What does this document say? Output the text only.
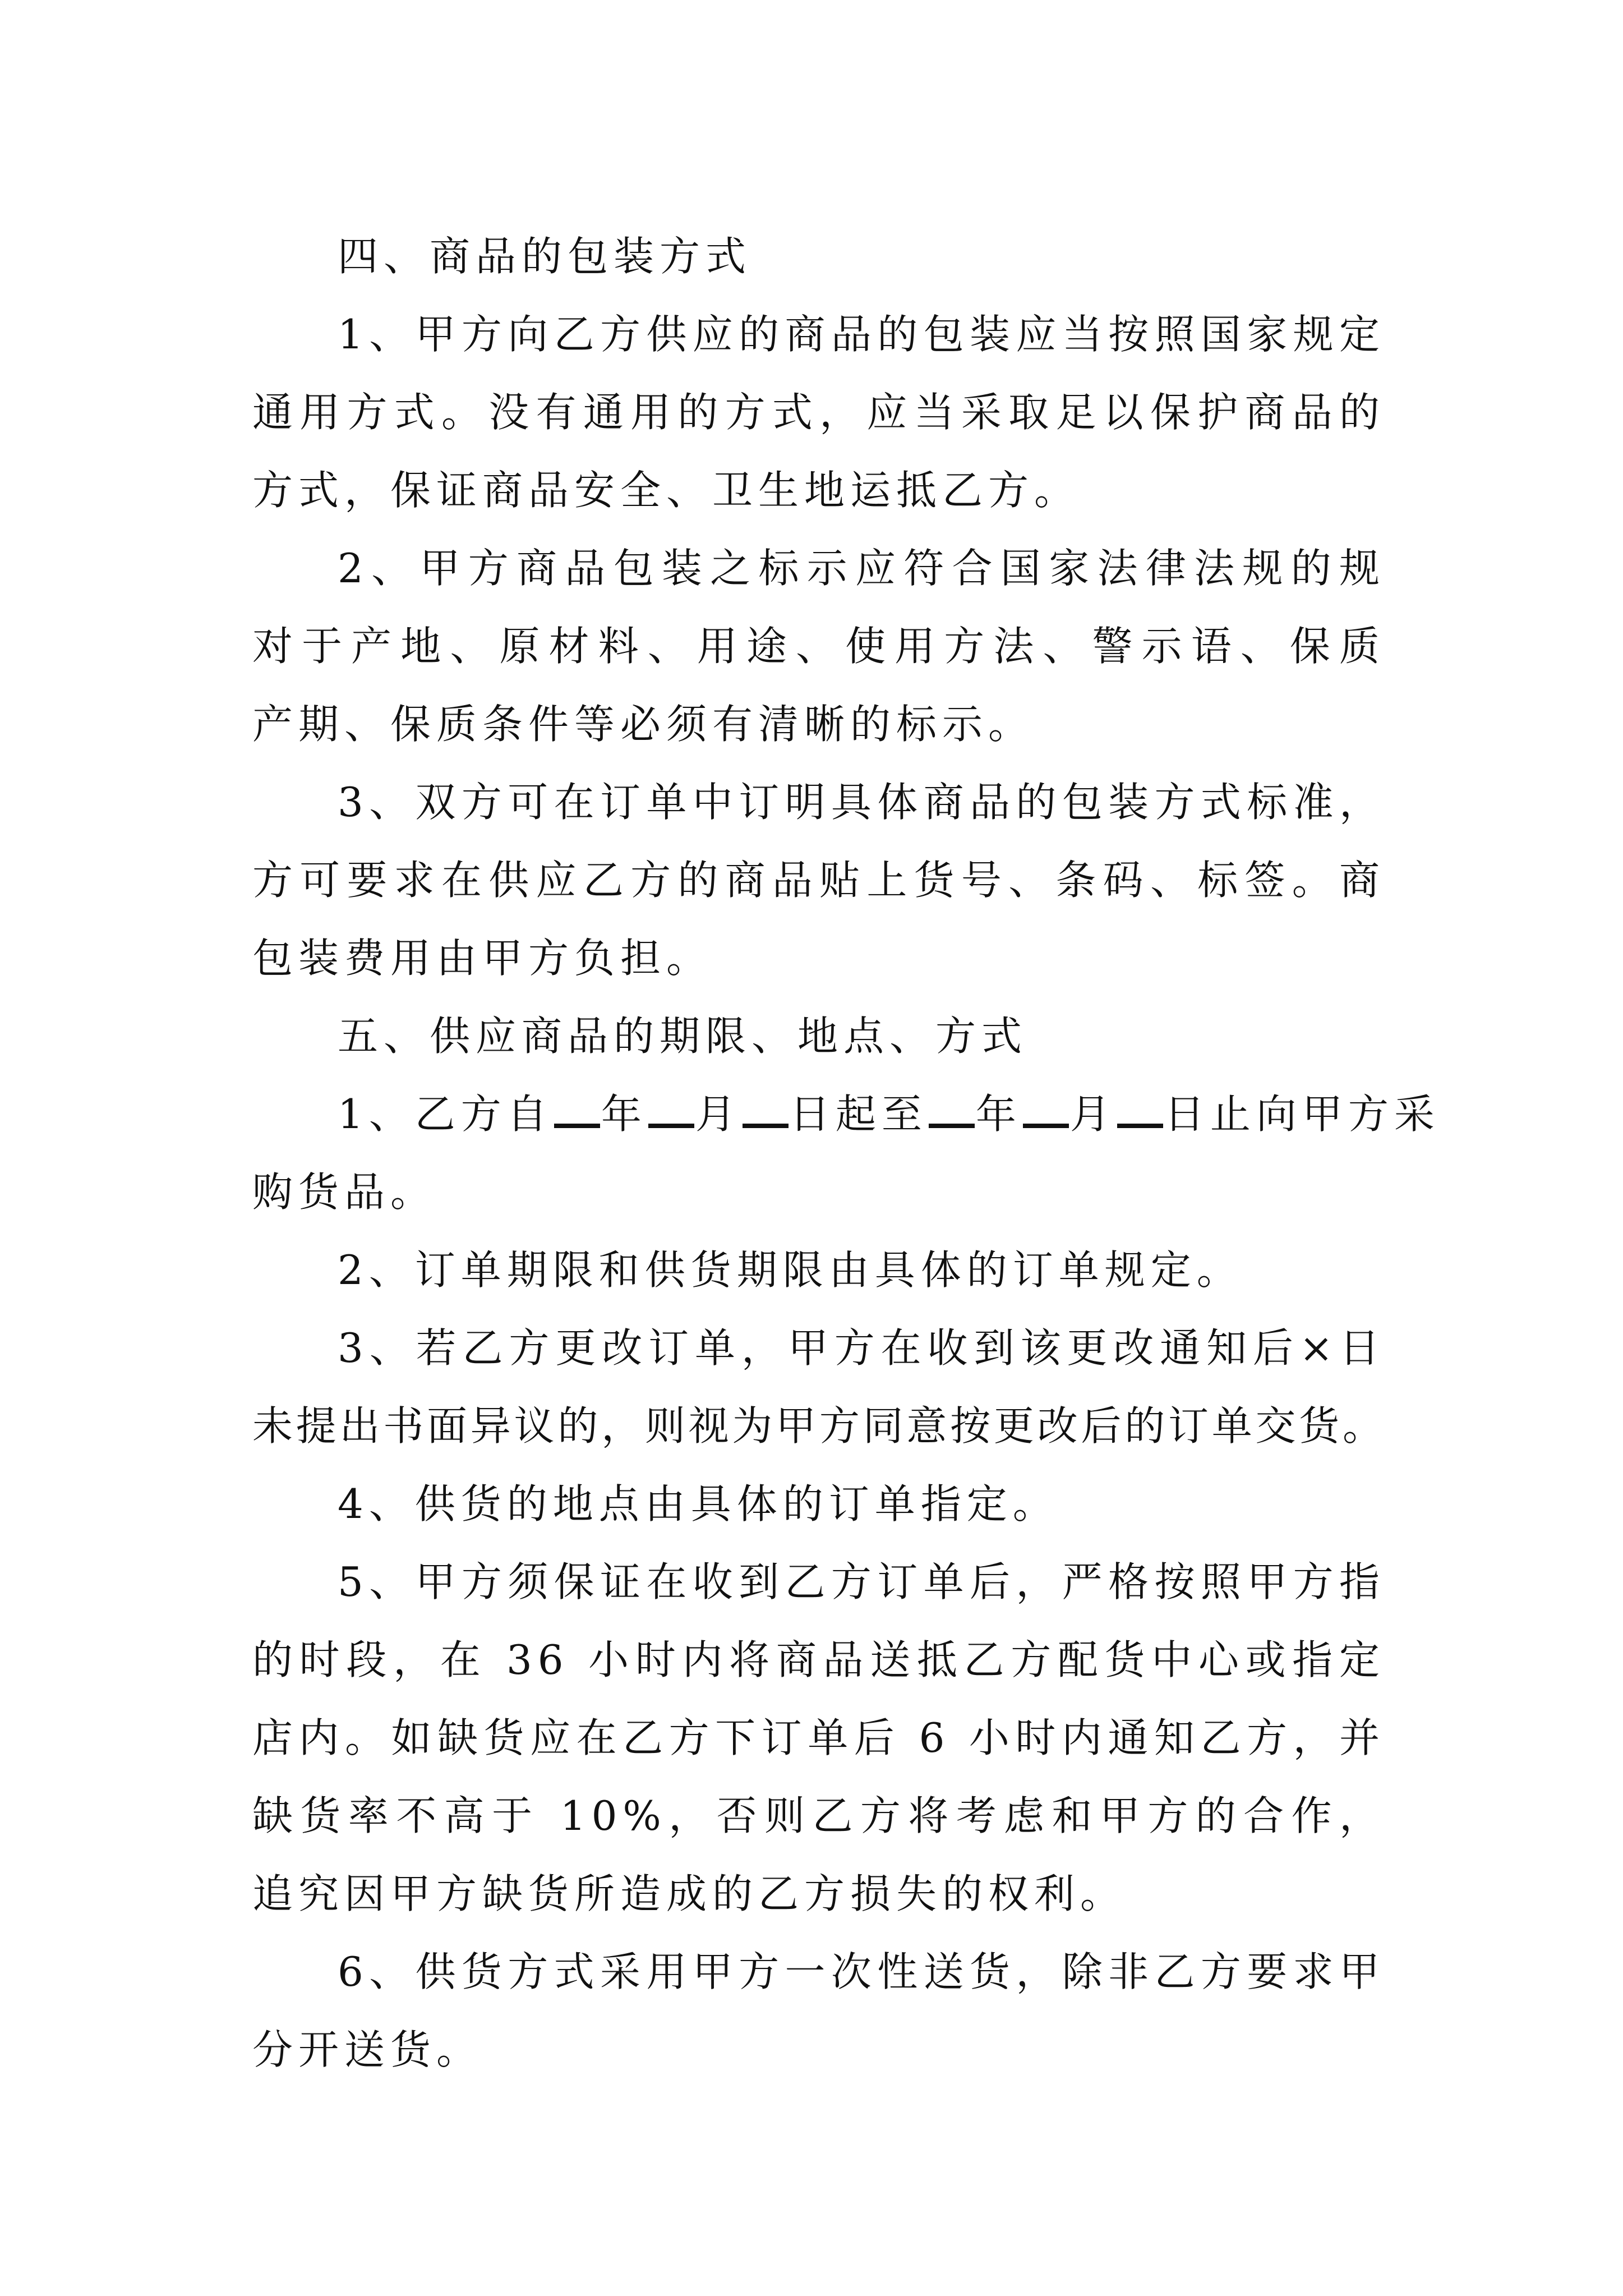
四、商品的包装方式
1、甲方向乙方供应的商品的包装应当按照国家规定
通用方式。没有通用的方式，应当采取足以保护商品的
方式，保证商品安全、卫生地运抵乙方。
2、甲方商品包装之标示应符合国家法律法规的规
对于产地、原材料、用途、使用方法、警示语、保质
产期、保质条件等必须有清晰的标示。
3、双方可在订单中订明具体商品的包装方式标准，
方可要求在供应乙方的商品贴上货号、条码、标签。商
包装费用由甲方负担。
五、供应商品的期限、地点、方式
1、乙方自 年 月 日起至 年 月 日止向甲方采
购货品。
2、订单期限和供货期限由具体的订单规定。
3、若乙方更改订单，甲方在收到该更改通知后×日
未提出书面异议的，则视为甲方同意按更改后的订单交货。
4、供货的地点由具体的订单指定。
5、甲方须保证在收到乙方订单后，严格按照甲方指
的时段，在 36 小时内将商品送抵乙方配货中心或指定
店内。如缺货应在乙方下订单后 6 小时内通知乙方，并
缺货率不高于 10%，否则乙方将考虑和甲方的合作，
追究因甲方缺货所造成的乙方损失的权利。
6、供货方式采用甲方一次性送货，除非乙方要求甲
分开送货。
